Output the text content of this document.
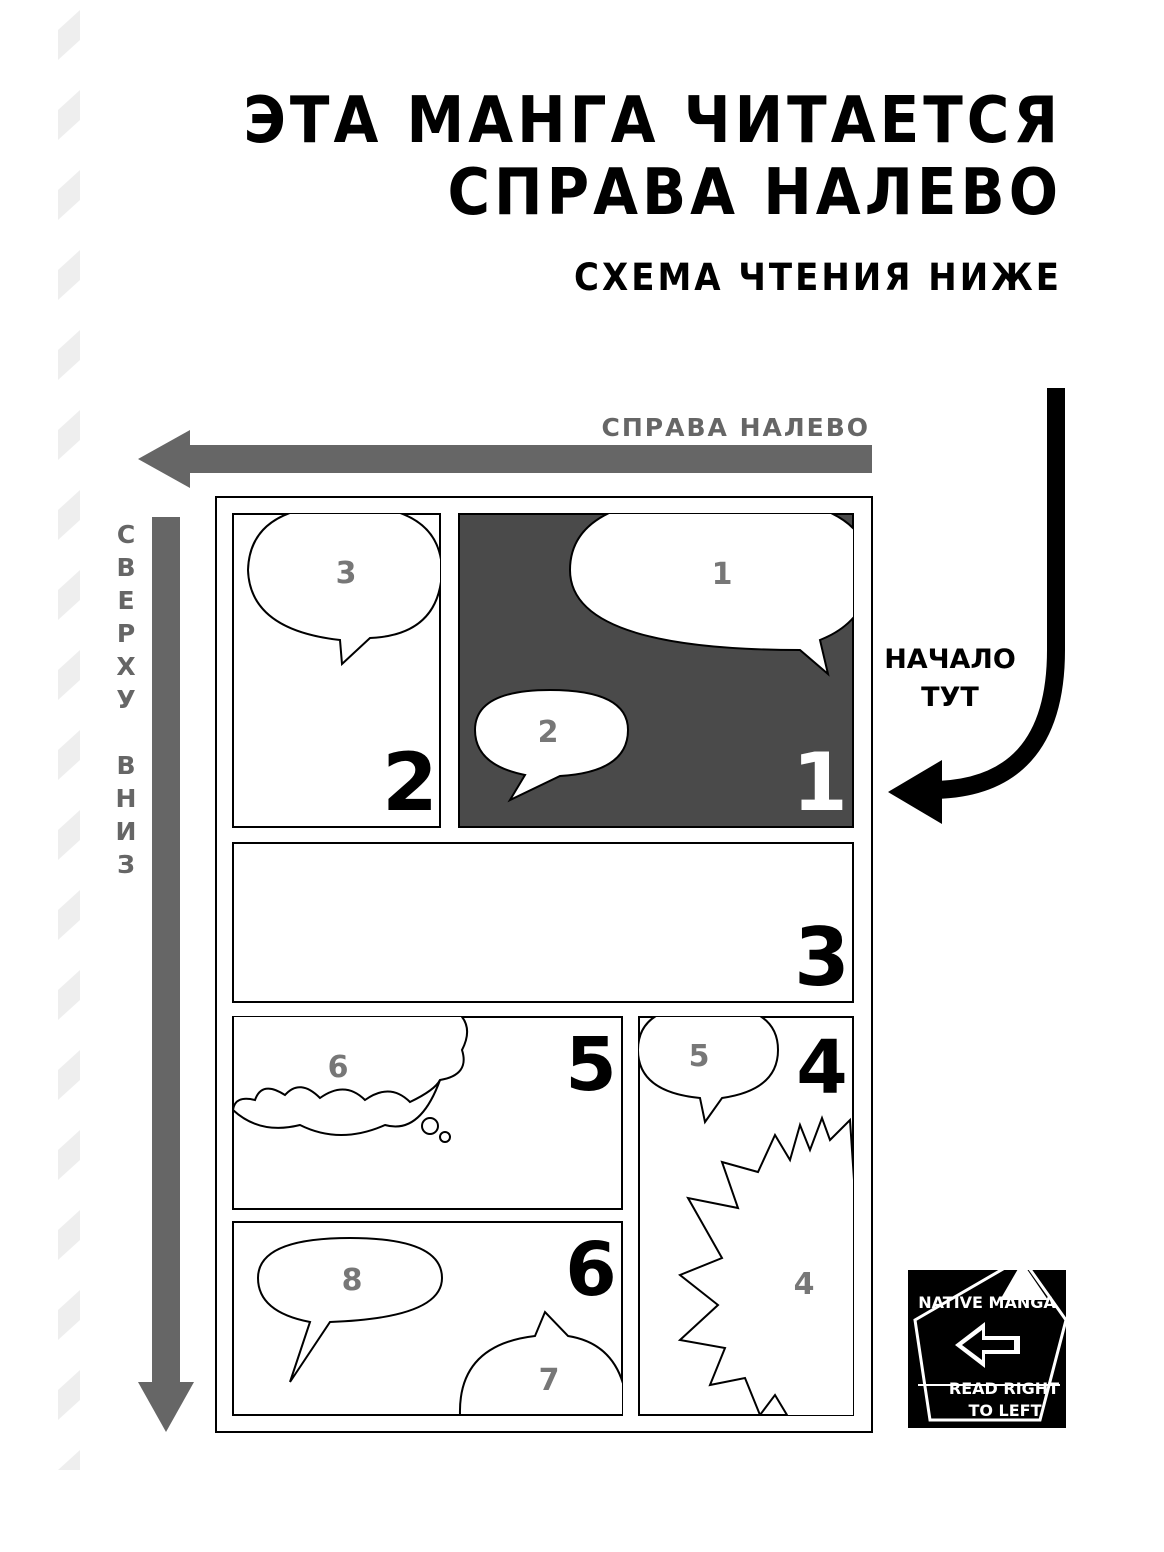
ЭТА МАНГА ЧИТАЕТСЯ
СПРАВА НАЛЕВО
СХЕМА ЧТЕНИЯ НИЖЕ
СПРАВА НАЛЕВО
СВЕРХУ ВНИЗ	НАЧАЛО
ТУТ
3
2
1
2
1
3
6	5
8
7
6
5
4
4
NATIVE MANGA
READ RIGHT
TO LEFT
